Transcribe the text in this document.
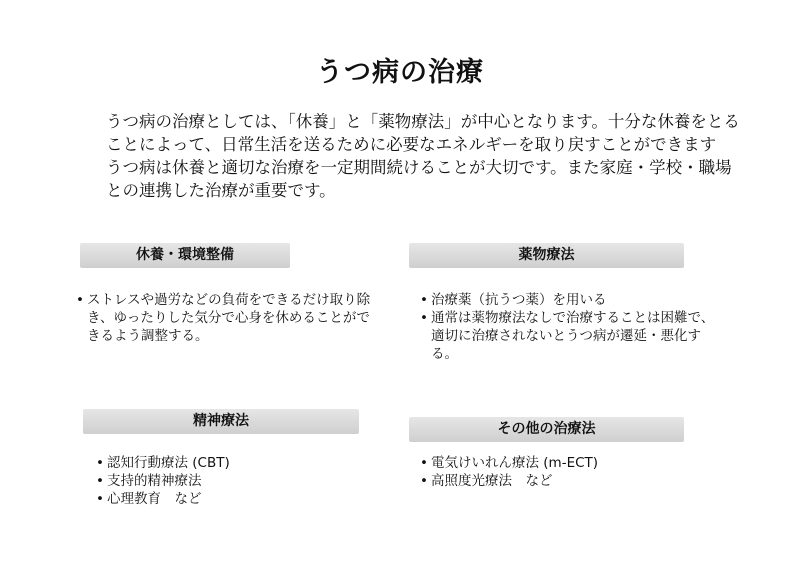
うつ病の治療

うつ病の治療としては、「休養」と「薬物療法」が中心となります。十分な休養をとることによって、日常生活を送るために必要なエネルギーを取り戻すことができます

うつ病は休養と適切な治療を一定期間続けることが大切です。また家庭・学校・職場との連携した治療が重要です。

休養・環境整備
• ストレスや過労などの負荷をできるだけ取り除き、ゆったりした気分で心身を休めることができるよう調整する。
薬物療法
• 治療薬（抗うつ薬）を用いる
• 通常は薬物療法なしで治療することは困難で、適切に治療されないとうつ病が遷延・悪化する。
精神療法
• 認知行動療法 (CBT)
• 支持的精神療法
• 心理教育　など
その他の治療法
• 電気けいれん療法 (m-ECT)
• 高照度光療法　など
